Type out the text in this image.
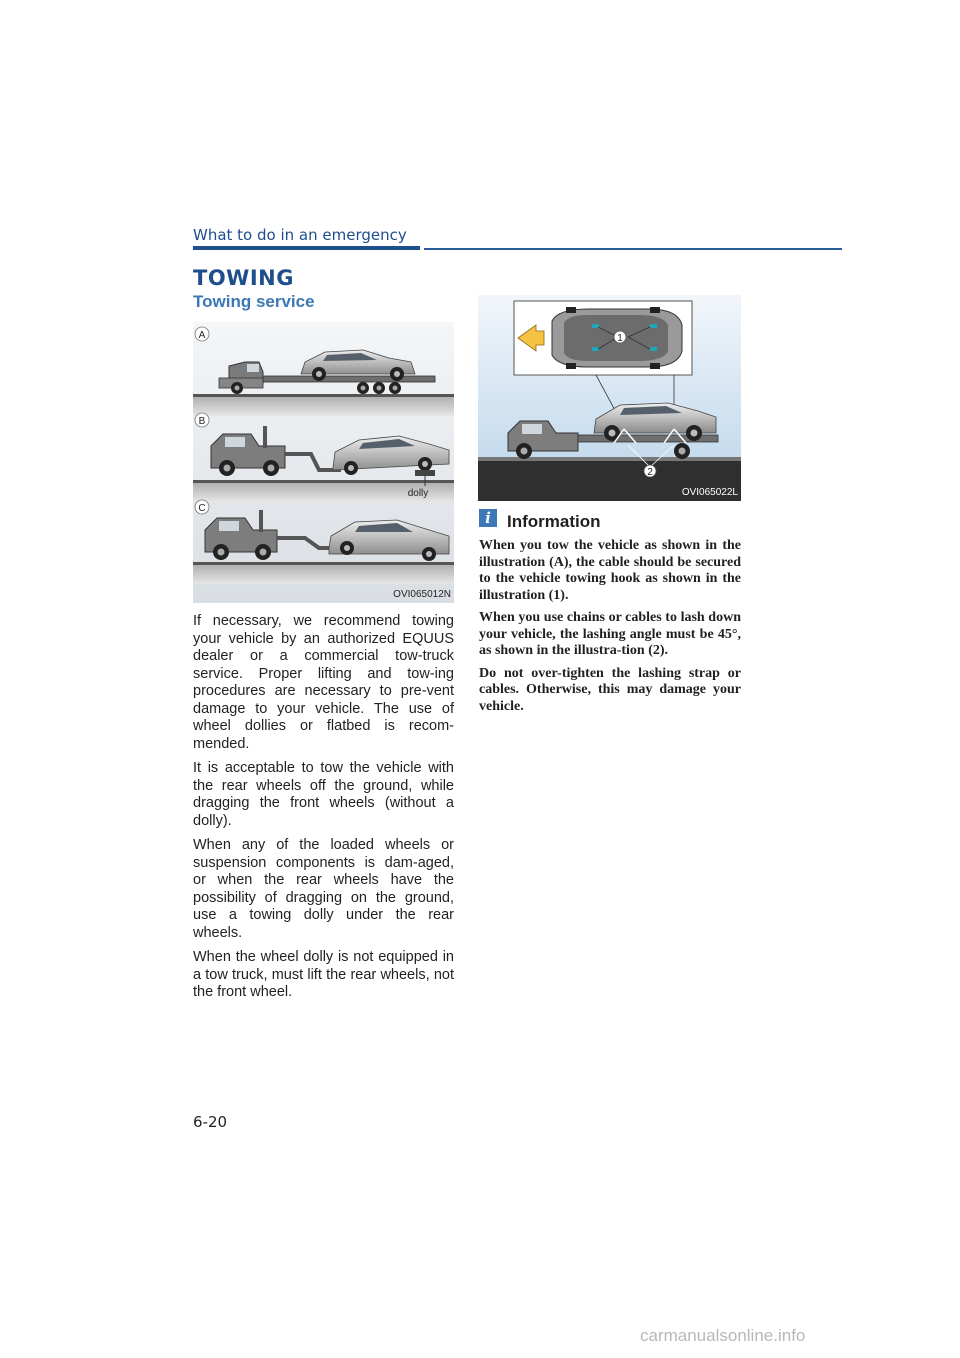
What to do in an emergency
TOWING
Towing service
A
B
C
dolly
OVI065012N
1
2
OVI065022L

If necessary, we recommend towing your vehicle by an authorized EQUUS dealer or a commercial tow-truck service. Proper lifting and tow-ing procedures are necessary to pre-vent damage to your vehicle. The use of wheel dollies or flatbed is recom-mended.

It is acceptable to tow the vehicle with the rear wheels off the ground, while dragging the front wheels (without a dolly).

When any of the loaded wheels or suspension components is dam-aged, or when the rear wheels have the possibility of dragging on the ground, use a towing dolly under the rear wheels.

When the wheel dolly is not equipped in a tow truck, must lift the rear wheels, not the front wheel.

i Information

When you tow the vehicle as shown in the illustration (A), the cable should be secured to the vehicle towing hook as shown in the illustration (1).

When you use chains or cables to lash down your vehicle, the lashing angle must be 45°, as shown in the illustra-tion (2).

Do not over-tighten the lashing strap or cables. Otherwise, this may damage your vehicle.

6-20
carmanualsonline.info
